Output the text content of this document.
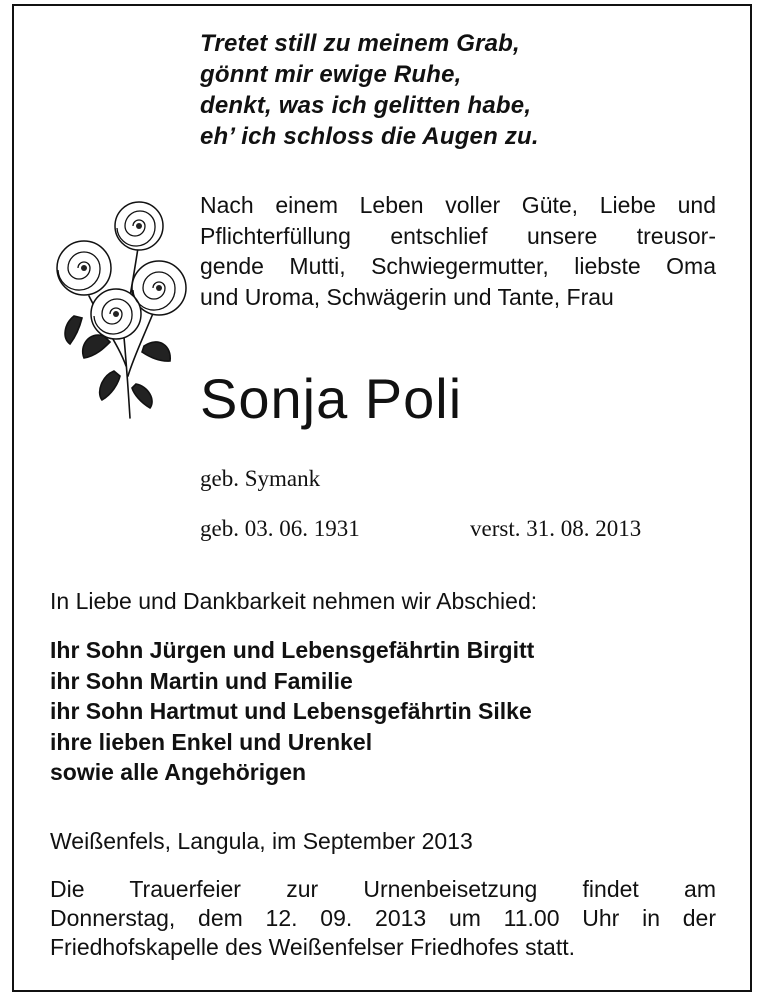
Tretet still zu meinem Grab,
gönnt mir ewige Ruhe,
denkt, was ich gelitten habe,
eh’ ich schloss die Augen zu.
Nach einem Leben voller Güte, Liebe und
Pflichterfüllung entschlief unsere treusor-
gende Mutti, Schwiegermutter, liebste Oma
und Uroma, Schwägerin und Tante, Frau
Sonja Poli

geb. Symank

geb. 03. 06. 1931	verst. 31. 08. 2013

In Liebe und Dankbarkeit nehmen wir Abschied:

Ihr Sohn Jürgen und Lebensgefährtin Birgitt
ihr Sohn Martin und Familie
ihr Sohn Hartmut und Lebensgefährtin Silke
ihre lieben Enkel und Urenkel
sowie alle Angehörigen

Weißenfels, Langula, im September 2013

Die Trauerfeier zur Urnenbeisetzung findet am
Donnerstag, dem 12. 09. 2013 um 11.00 Uhr in der
Friedhofskapelle des Weißenfelser Friedhofes statt.
